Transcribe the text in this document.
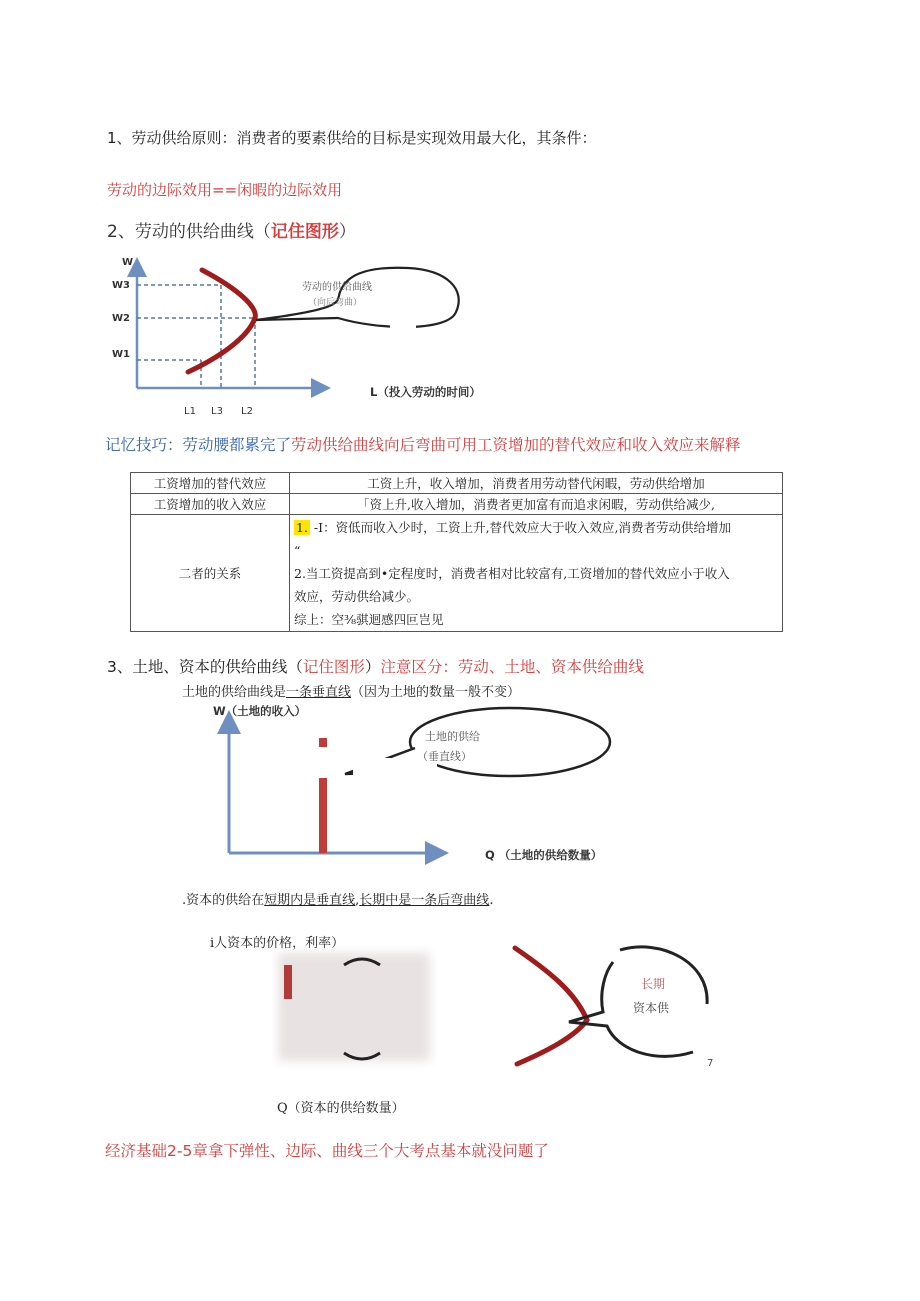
1、劳动供给原则：消费者的要素供给的目标是实现效用最大化，其条件：
劳动的边际效用==闲暇的边际效用
2、劳动的供给曲线（记住图形）
W
W3
W2
W1
L1 L3 L2
L（投入劳动的时间）
劳动的供给曲线
（向后弯曲）
记忆技巧：劳动腰都累完了劳动供给曲线向后弯曲可用工资增加的替代效应和收入效应来解释
工资增加的替代效应	工资上升，收入增加，消费者用劳动替代闲暇，劳动供给增加
工资增加的收入效应	「资上升,收入增加，消费者更加富有而追求闲暇，劳动供给减少,
二者的关系	1. -I：资低而收入少时，工资上升,替代效应大于收入效应,消费者劳动供给增加
“
2.当工资提高到•定程度时，消费者相对比较富有,工资增加的替代效应小于收入
效应，劳动供给减少。
综上：空⅜骐迴感四叵岂见
3、土地、资本的供给曲线（记住图形）注意区分：劳动、土地、资本供给曲线
土地的供给曲线是一条垂直线（因为土地的数量一般不变）
W（土地的收入）
Q （土地的供给数量）
土地的供给
（垂直线）
.资本的供给在短期内是垂直线,长期中是一条后弯曲线.
i人资本的价格，利率）
长期
资本供
7
Q（资本的供给数量）
经济基础2-5章拿下弹性、边际、曲线三个大考点基本就没问题了
